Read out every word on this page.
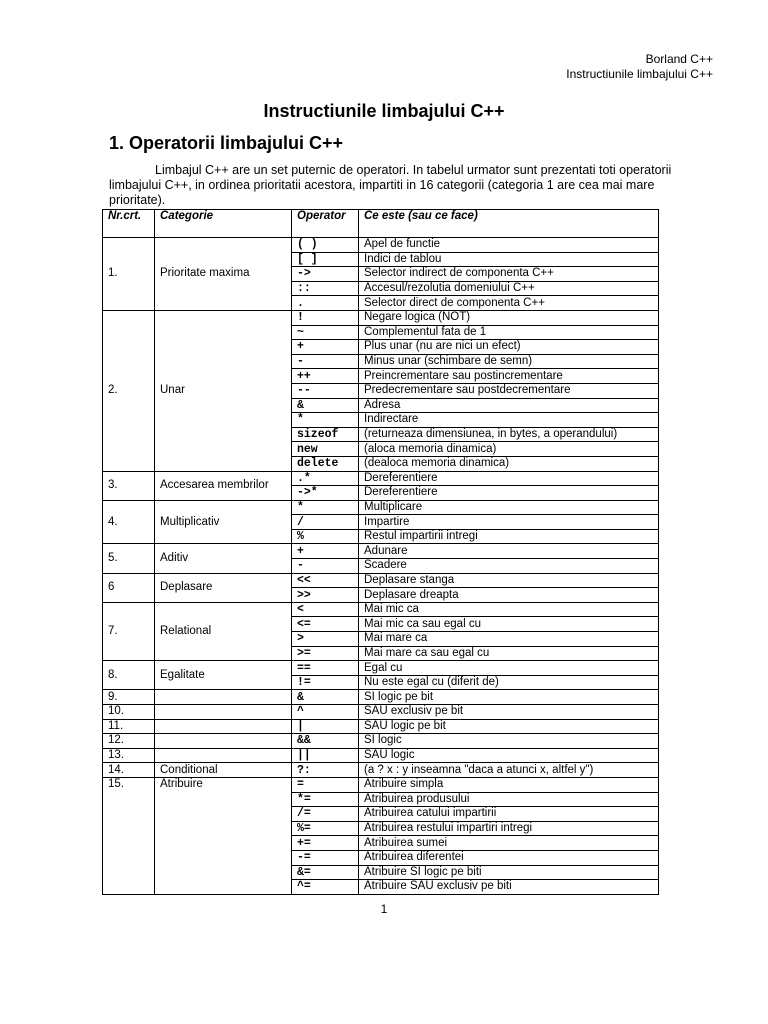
Borland C++
Instructiunile limbajului C++
Instructiunile limbajului C++
1. Operatorii limbajului C++

Limbajul C++ are un set puternic de operatori. In tabelul urmator sunt prezentati toti operatorii limbajului C++, in ordinea prioritatii acestora, impartiti in 16 categorii (categoria 1 are cea mai mare prioritate).

Nr.crt.	Categorie	Operator	Ce este (sau ce face)
1.	Prioritate maxima	( )	Apel de functie
		[ ]	Indici de tablou
		->	Selector indirect de componenta C++
		::	Accesul/rezolutia domeniului C++
		.	Selector direct de componenta C++
2.	Unar	!	Negare logica (NOT)
		~	Complementul fata de 1
		+	Plus unar (nu are nici un efect)
		-	Minus unar (schimbare de semn)
		++	Preincrementare sau postincrementare
		--	Predecrementare sau postdecrementare
		&	Adresa
		*	Indirectare
		sizeof	(returneaza dimensiunea, in bytes, a operandului)
		new	(aloca memoria dinamica)
		delete	(dealoca memoria dinamica)
3.	Accesarea membrilor	.*	Dereferentiere
		->*	Dereferentiere
4.	Multiplicativ	*	Multiplicare
		/	Impartire
		%	Restul impartirii intregi
5.	Aditiv	+	Adunare
		-	Scadere
6	Deplasare	<<	Deplasare stanga
		>>	Deplasare dreapta
7.	Relational	<	Mai mic ca
		<=	Mai mic ca sau egal cu
		>	Mai mare ca
		>=	Mai mare ca sau egal cu
8.	Egalitate	==	Egal cu
		!=	Nu este egal cu (diferit de)
9.		&	SI logic pe bit
10.		^	SAU exclusiv pe bit
11.		|	SAU logic pe bit
12.		&&	SI logic
13.		||	SAU logic
14.	Conditional	?:	(a ? x : y inseamna "daca a atunci x, altfel y")
15.	Atribuire	=	Atribuire simpla
		*=	Atribuirea produsului
		/=	Atribuirea catului impartirii
		%=	Atribuirea restului impartiri intregi
		+=	Atribuirea sumei
		-=	Atribuirea diferentei
		&=	Atribuire SI logic pe biti
		^=	Atribuire SAU exclusiv pe biti
1
